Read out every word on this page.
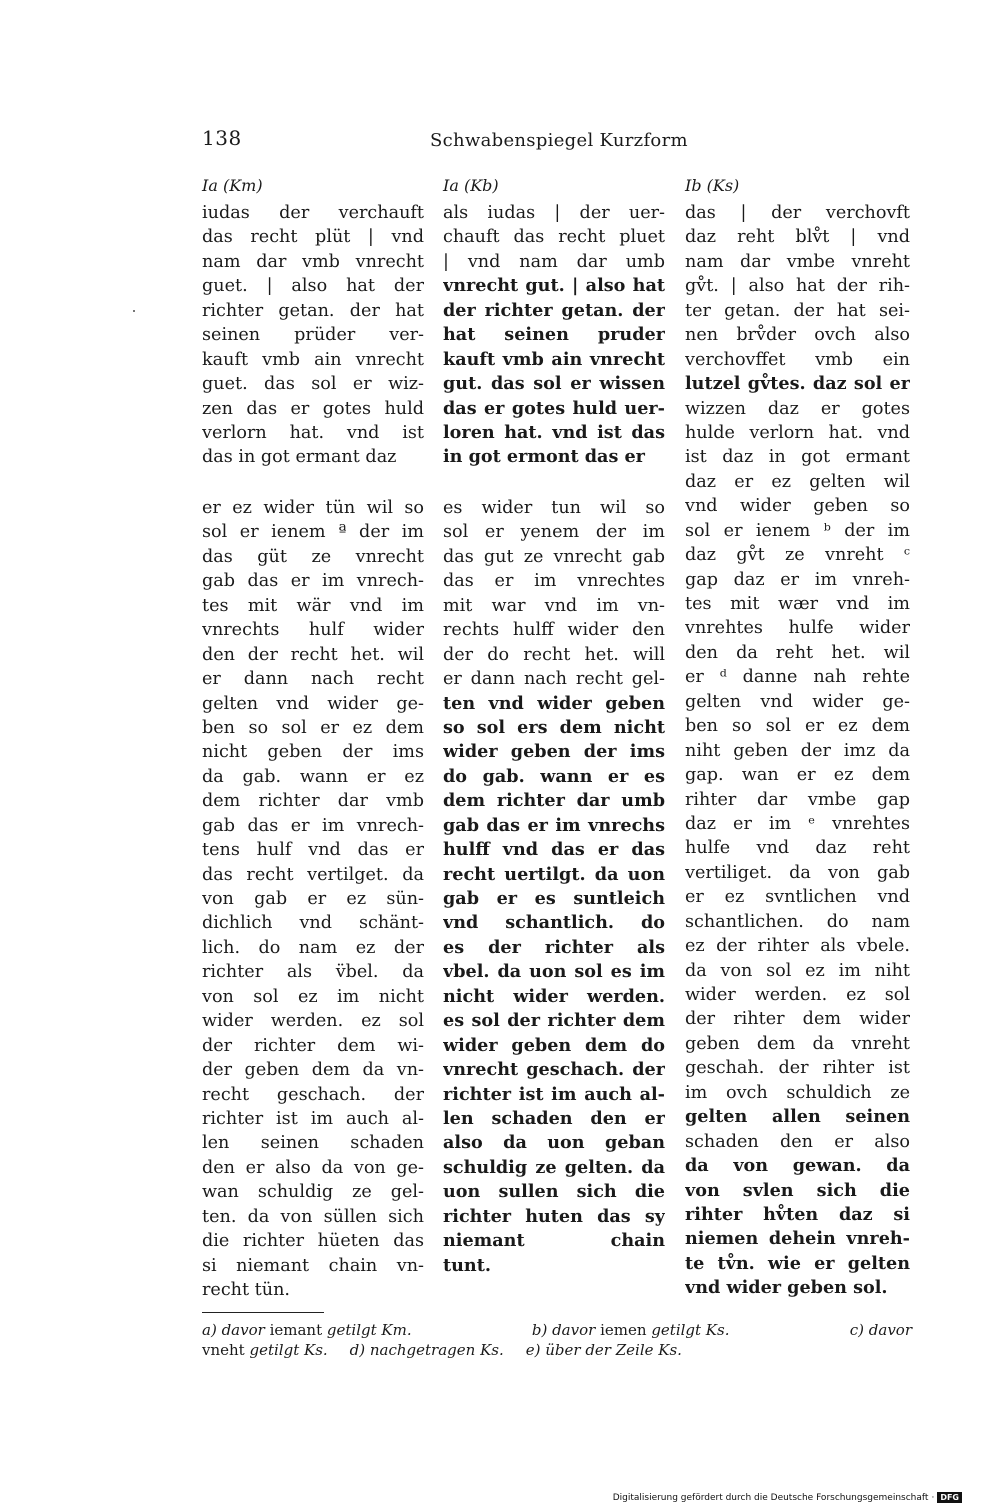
138	Schwabenspiegel Kurzform
Ia (Km)	Ia (Kb)	Ib (Ks)
iudas der verchauft
das recht plüt | vnd
nam dar vmb vnrecht
guet. | also hat der
richter getan. der hat
seinen prüder ver-
kauft vmb ain vnrecht
guet. das sol er wiz-
zen das er gotes huld
verlorn hat. vnd ist
das in got ermant daz
er ez wider tün wil so
sol er ienem ª der im
das güt ze vnrecht
gab das er im vnrech-
tes mit wär vnd im
vnrechts hulf wider
den der recht het. wil
er dann nach recht
gelten vnd wider ge-
ben so sol er ez dem
nicht geben der ims
da gab. wann er ez
dem richter dar vmb
gab das er im vnrech-
tens hulf vnd das er
das recht vertilget. da
von gab er ez sün-
dichlich vnd schänt-
lich. do nam ez der
richter als v̈bel. da
von sol ez im nicht
wider werden. ez sol
der richter dem wi-
der geben dem da vn-
recht geschach. der
richter ist im auch al-
len seinen schaden
den er also da von ge-
wan schuldig ze gel-
ten. da von süllen sich
die richter hüeten das
si niemant chain vn-
recht tün.
als iudas | der uer-
chauft das recht pluet
| vnd nam dar umb
vnrecht gut. | also hat
der richter getan. der
hat seinen pruder
kauft vmb ain vnrecht
gut. das sol er wissen
das er gotes huld uer-
loren hat. vnd ist das
in got ermont das er
es wider tun wil so
sol er yenem der im
das gut ze vnrecht gab
das er im vnrechtes
mit war vnd im vn-
rechts hulff wider den
der do recht het. will
er dann nach recht gel-
ten vnd wider geben
so sol ers dem nicht
wider geben der ims
do gab. wann er es
dem richter dar umb
gab das er im vnrechs
hulff vnd das er das
recht uertilgt. da uon
gab er es suntleich
vnd schantlich. do
es der richter als
vbel. da uon sol es im
nicht wider werden.
es sol der richter dem
wider geben dem do
vnrecht geschach. der
richter ist im auch al-
len schaden den er
also da uon geban
schuldig ze gelten. da
uon sullen sich die
richter huten das sy
niemant chain
tunt.
das | der verchovft
daz reht blv̊t | vnd
nam dar vmbe vnreht
gv̊t. | also hat der rih-
ter getan. der hat sei-
nen brv̊der ovch also
verchovffet vmb ein
lutzel gv̊tes. daz sol er
wizzen daz er gotes
hulde verlorn hat. vnd
ist daz in got ermant
daz er ez gelten wil
vnd wider geben so
sol er ienem ᵇ der im
daz gv̊t ze vnreht ᶜ
gap daz er im vnreh-
tes mit wær vnd im
vnrehtes hulfe wider
den da reht het. wil
er ᵈ danne nah rehte
gelten vnd wider ge-
ben so sol er ez dem
niht geben der imz da
gap. wan er ez dem
rihter dar vmbe gap
daz er im ᵉ vnrehtes
hulfe vnd daz reht
vertiliget. da von gab
er ez svntlichen vnd
schantlichen. do nam
ez der rihter als vbele.
da von sol ez im niht
wider werden. ez sol
der rihter dem wider
geben dem da vnreht
geschah. der rihter ist
im ovch schuldich ze
gelten allen seinen
schaden den er also
da von gewan. da
von svlen sich die
rihter hv̊ten daz si
niemen dehein vnreh-
te tv̊n. wie er gelten
vnd wider geben sol.
a) davor iemant getilgt Km.	b) davor iemen getilgt Ks.	c) davor
vneht getilgt Ks. d) nachgetragen Ks. e) über der Zeile Ks.
Digitalisierung gefördert durch die Deutsche Forschungsgemeinschaft · DFG
